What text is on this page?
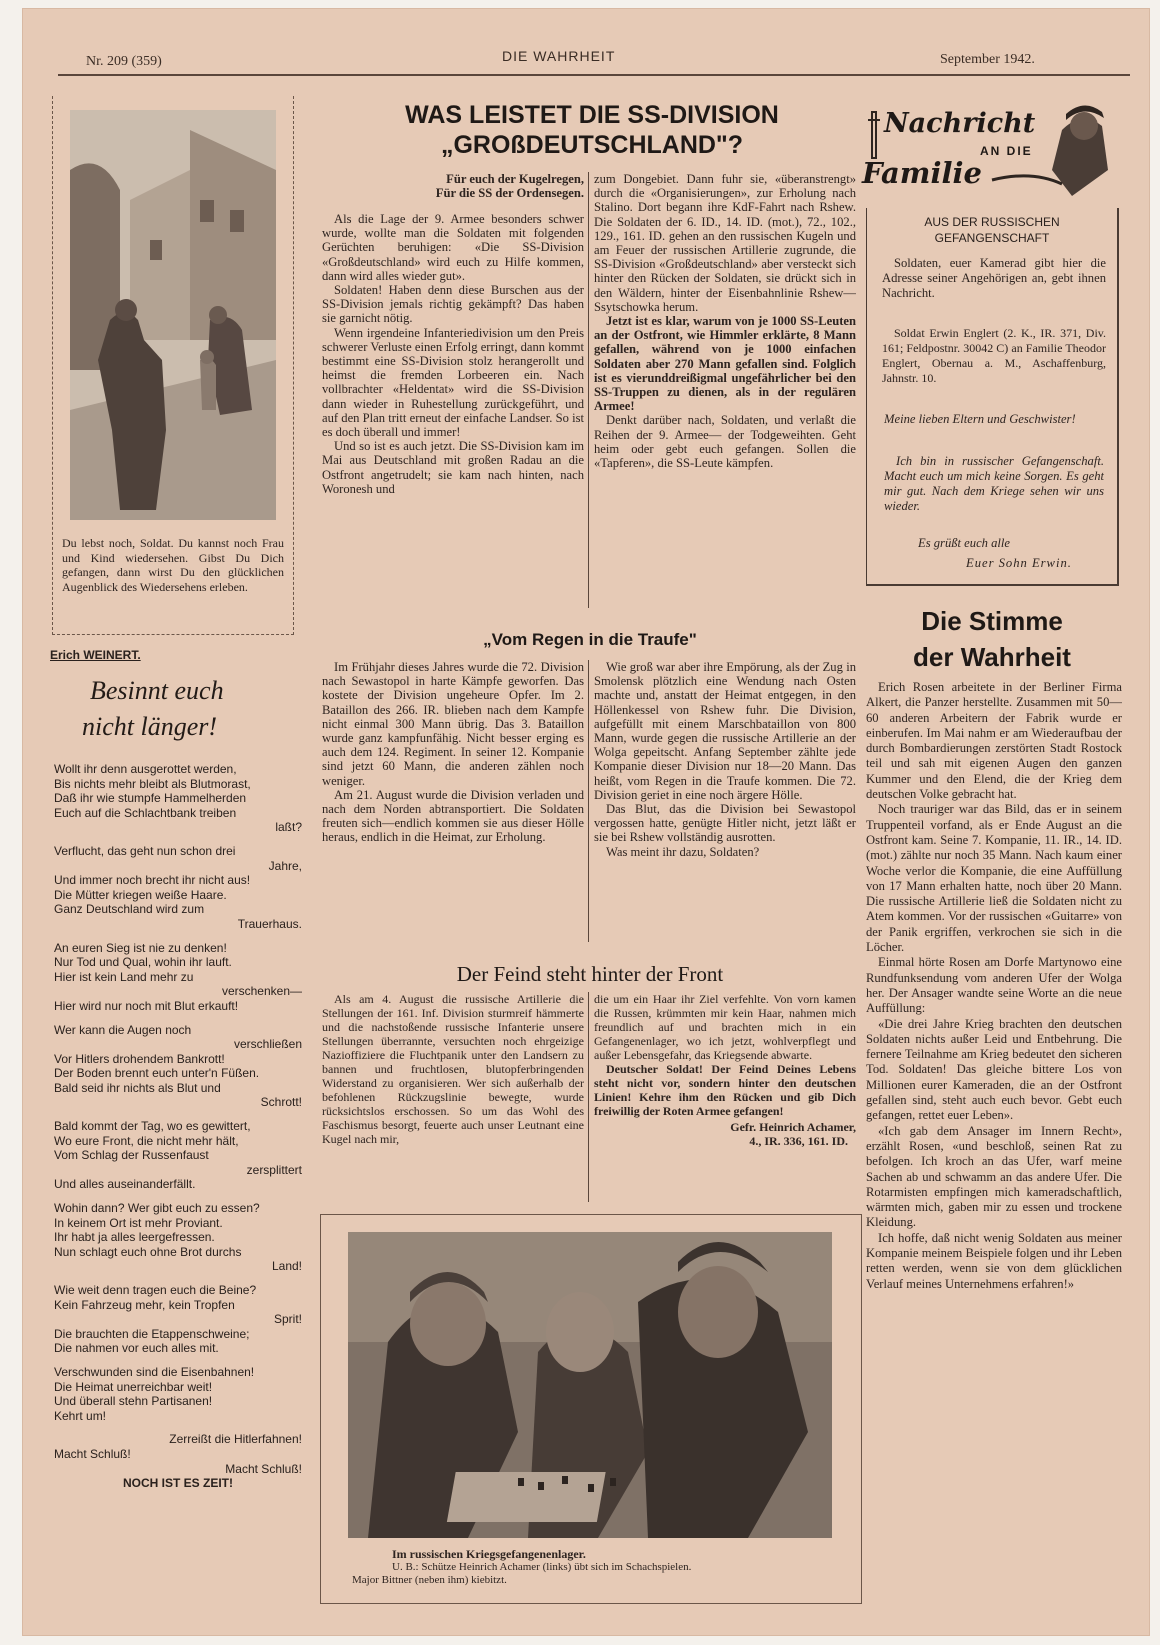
Nr. 209 (359)	DIE WAHRHEIT	September 1942.
Du lebst noch, Soldat. Du kannst noch Frau und Kind wiedersehen. Gibst Du Dich gefangen, dann wirst Du den glücklichen Augenblick des Wiedersehens erleben.
Erich WEINERT.
Besinnt euch
nicht länger!
Wollt ihr denn ausgerottet werden,
Bis nichts mehr bleibt als Blutmorast,
Daß ihr wie stumpfe Hammelherden
Euch auf die Schlachtbank treiben
laßt?
Verflucht, das geht nun schon drei
Jahre,
Und immer noch brecht ihr nicht aus!
Die Mütter kriegen weiße Haare.
Ganz Deutschland wird zum
Trauerhaus.
An euren Sieg ist nie zu denken!
Nur Tod und Qual, wohin ihr lauft.
Hier ist kein Land mehr zu
verschenken—
Hier wird nur noch mit Blut erkauft!
Wer kann die Augen noch
verschließen
Vor Hitlers drohendem Bankrott!
Der Boden brennt euch unter'n Füßen.
Bald seid ihr nichts als Blut und
Schrott!
Bald kommt der Tag, wo es gewittert,
Wo eure Front, die nicht mehr hält,
Vom Schlag der Russenfaust
zersplittert
Und alles auseinanderfällt.
Wohin dann? Wer gibt euch zu essen?
In keinem Ort ist mehr Proviant.
Ihr habt ja alles leergefressen.
Nun schlagt euch ohne Brot durchs
Land!
Wie weit denn tragen euch die Beine?
Kein Fahrzeug mehr, kein Tropfen
Sprit!
Die brauchten die Etappenschweine;
Die nahmen vor euch alles mit.
Verschwunden sind die Eisenbahnen!
Die Heimat unerreichbar weit!
Und überall stehn Partisanen!
Kehrt um!
Zerreißt die Hitlerfahnen!
Macht Schluß!
Macht Schluß!
NOCH IST ES ZEIT!
WAS LEISTET DIE SS-DIVISION
„GROßDEUTSCHLAND"?
Für euch der Kugelregen,
Für die SS der Ordensegen.

Als die Lage der 9. Armee besonders schwer wurde, wollte man die Soldaten mit folgenden Gerüchten beruhigen: «Die SS-Division «Großdeutschland» wird euch zu Hilfe kommen, dann wird alles wieder gut».

Soldaten! Haben denn diese Burschen aus der SS-Division jemals richtig gekämpft? Das haben sie garnicht nötig.

Wenn irgendeine Infanteriedivision um den Preis schwerer Verluste einen Erfolg erringt, dann kommt bestimmt eine SS-Division stolz herangerollt und heimst die fremden Lorbeeren ein. Nach vollbrachter «Heldentat» wird die SS-Division dann wieder in Ruhestellung zurückgeführt, und auf den Plan tritt erneut der einfache Landser. So ist es doch überall und immer!

Und so ist es auch jetzt. Die SS-Division kam im Mai aus Deutschland mit großen Radau an die Ostfront angetrudelt; sie kam nach hinten, nach Woronesh und

zum Dongebiet. Dann fuhr sie, «überanstrengt» durch die «Organisierungen», zur Erholung nach Stalino. Dort begann ihre KdF-Fahrt nach Rshew. Die Soldaten der 6. ID., 14. ID. (mot.), 72., 102., 129., 161. ID. gehen an den russischen Kugeln und am Feuer der russischen Artillerie zugrunde, die SS-Division «Großdeutschland» aber versteckt sich hinter den Rücken der Soldaten, sie drückt sich in den Wäldern, hinter der Eisenbahnlinie Rshew—Ssytschowka herum.

Jetzt ist es klar, warum von je 1000 SS-Leuten an der Ostfront, wie Himmler erklärte, 8 Mann gefallen, während von je 1000 einfachen Soldaten aber 270 Mann gefallen sind. Folglich ist es vierunddreißigmal ungefährlicher bei den SS-Truppen zu dienen, als in der regulären Armee!

Denkt darüber nach, Soldaten, und verlaßt die Reihen der 9. Armee— der Todgeweihten. Geht heim oder gebt euch gefangen. Sollen die «Tapferen», die SS-Leute kämpfen.

„Vom Regen in die Traufe"

Im Frühjahr dieses Jahres wurde die 72. Division nach Sewastopol in harte Kämpfe geworfen. Das kostete der Division ungeheure Opfer. Im 2. Bataillon des 266. IR. blieben nach dem Kampfe nicht einmal 300 Mann übrig. Das 3. Bataillon wurde ganz kampfunfähig. Nicht besser erging es auch dem 124. Regiment. In seiner 12. Kompanie sind jetzt 60 Mann, die anderen zählen noch weniger.

Am 21. August wurde die Division verladen und nach dem Norden abtransportiert. Die Soldaten freuten sich—endlich kommen sie aus dieser Hölle heraus, endlich in die Heimat, zur Erholung.

Wie groß war aber ihre Empörung, als der Zug in Smolensk plötzlich eine Wendung nach Osten machte und, anstatt der Heimat entgegen, in den Höllenkessel von Rshew fuhr. Die Division, aufgefüllt mit einem Marschbataillon von 800 Mann, wurde gegen die russische Artillerie an der Wolga gepeitscht. Anfang September zählte jede Kompanie dieser Division nur 18—20 Mann. Das heißt, vom Regen in die Traufe kommen. Die 72. Division geriet in eine noch ärgere Hölle.

Das Blut, das die Division bei Sewastopol vergossen hatte, genügte Hitler nicht, jetzt läßt er sie bei Rshew vollständig ausrotten.

Was meint ihr dazu, Soldaten?

Der Feind steht hinter der Front

Als am 4. August die russische Artillerie die Stellungen der 161. Inf. Division sturmreif hämmerte und die nachstoßende russische Infanterie unsere Stellungen überrannte, versuchten noch ehrgeizige Nazioffiziere die Fluchtpanik unter den Landsern zu bannen und fruchtlosen, blutopferbringenden Widerstand zu organisieren. Wer sich außerhalb der befohlenen Rückzugslinie bewegte, wurde rücksichtslos erschossen. So um das Wohl des Faschismus besorgt, feuerte auch unser Leutnant eine Kugel nach mir,

die um ein Haar ihr Ziel verfehlte. Von vorn kamen die Russen, krümmten mir kein Haar, nahmen mich freundlich auf und brachten mich in ein Gefangenenlager, wo ich jetzt, wohlverpflegt und außer Lebensgefahr, das Kriegsende abwarte.

Deutscher Soldat! Der Feind Deines Lebens steht nicht vor, sondern hinter den deutschen Linien! Kehre ihm den Rücken und gib Dich freiwillig der Roten Armee gefangen!

Gefr. Heinrich Achamer,
4., IR. 336, 161. ID.
Im russischen Kriegsgefangenenlager.
U. B.: Schütze Heinrich Achamer (links) übt sich im Schachspielen.
Major Bittner (neben ihm) kiebitzt.
Nachricht
AN DIE
Familie
AUS DER RUSSISCHEN
GEFANGENSCHAFT

Soldaten, euer Kamerad gibt hier die Adresse seiner Angehörigen an, gebt ihnen Nachricht.

Soldat Erwin Englert (2. K., IR. 371, Div. 161; Feldpostnr. 30042 C) an Familie Theodor Englert, Obernau a. M., Aschaffenburg, Jahnstr. 10.

Meine lieben Eltern und Geschwister!

Ich bin in russischer Gefangenschaft. Macht euch um mich keine Sorgen. Es geht mir gut. Nach dem Kriege sehen wir uns wieder.

Es grüßt euch alle
Euer Sohn Erwin.
Die Stimme
der Wahrheit

Erich Rosen arbeitete in der Berliner Firma Alkert, die Panzer herstellte. Zusammen mit 50—60 anderen Arbeitern der Fabrik wurde er einberufen. Im Mai nahm er am Wiederaufbau der durch Bombardierungen zerstörten Stadt Rostock teil und sah mit eigenen Augen den ganzen Kummer und den Elend, die der Krieg dem deutschen Volke gebracht hat.

Noch trauriger war das Bild, das er in seinem Truppenteil vorfand, als er Ende August an die Ostfront kam. Seine 7. Kompanie, 11. IR., 14. ID. (mot.) zählte nur noch 35 Mann. Nach kaum einer Woche verlor die Kompanie, die eine Auffüllung von 17 Mann erhalten hatte, noch über 20 Mann. Die russische Artillerie ließ die Soldaten nicht zu Atem kommen. Vor der russischen «Guitarre» von der Panik ergriffen, verkrochen sie sich in die Löcher.

Einmal hörte Rosen am Dorfe Martynowo eine Rundfunksendung vom anderen Ufer der Wolga her. Der Ansager wandte seine Worte an die neue Auffüllung:

«Die drei Jahre Krieg brachten den deutschen Soldaten nichts außer Leid und Entbehrung. Die fernere Teilnahme am Krieg bedeutet den sicheren Tod. Soldaten! Das gleiche bittere Los von Millionen eurer Kameraden, die an der Ostfront gefallen sind, steht auch euch bevor. Gebt euch gefangen, rettet euer Leben».

«Ich gab dem Ansager im Innern Recht», erzählt Rosen, «und beschloß, seinen Rat zu befolgen. Ich kroch an das Ufer, warf meine Sachen ab und schwamm an das andere Ufer. Die Rotarmisten empfingen mich kameradschaftlich, wärmten mich, gaben mir zu essen und trockene Kleidung.

Ich hoffe, daß nicht wenig Soldaten aus meiner Kompanie meinem Beispiele folgen und ihr Leben retten werden, wenn sie von dem glücklichen Verlauf meines Unternehmens erfahren!»
